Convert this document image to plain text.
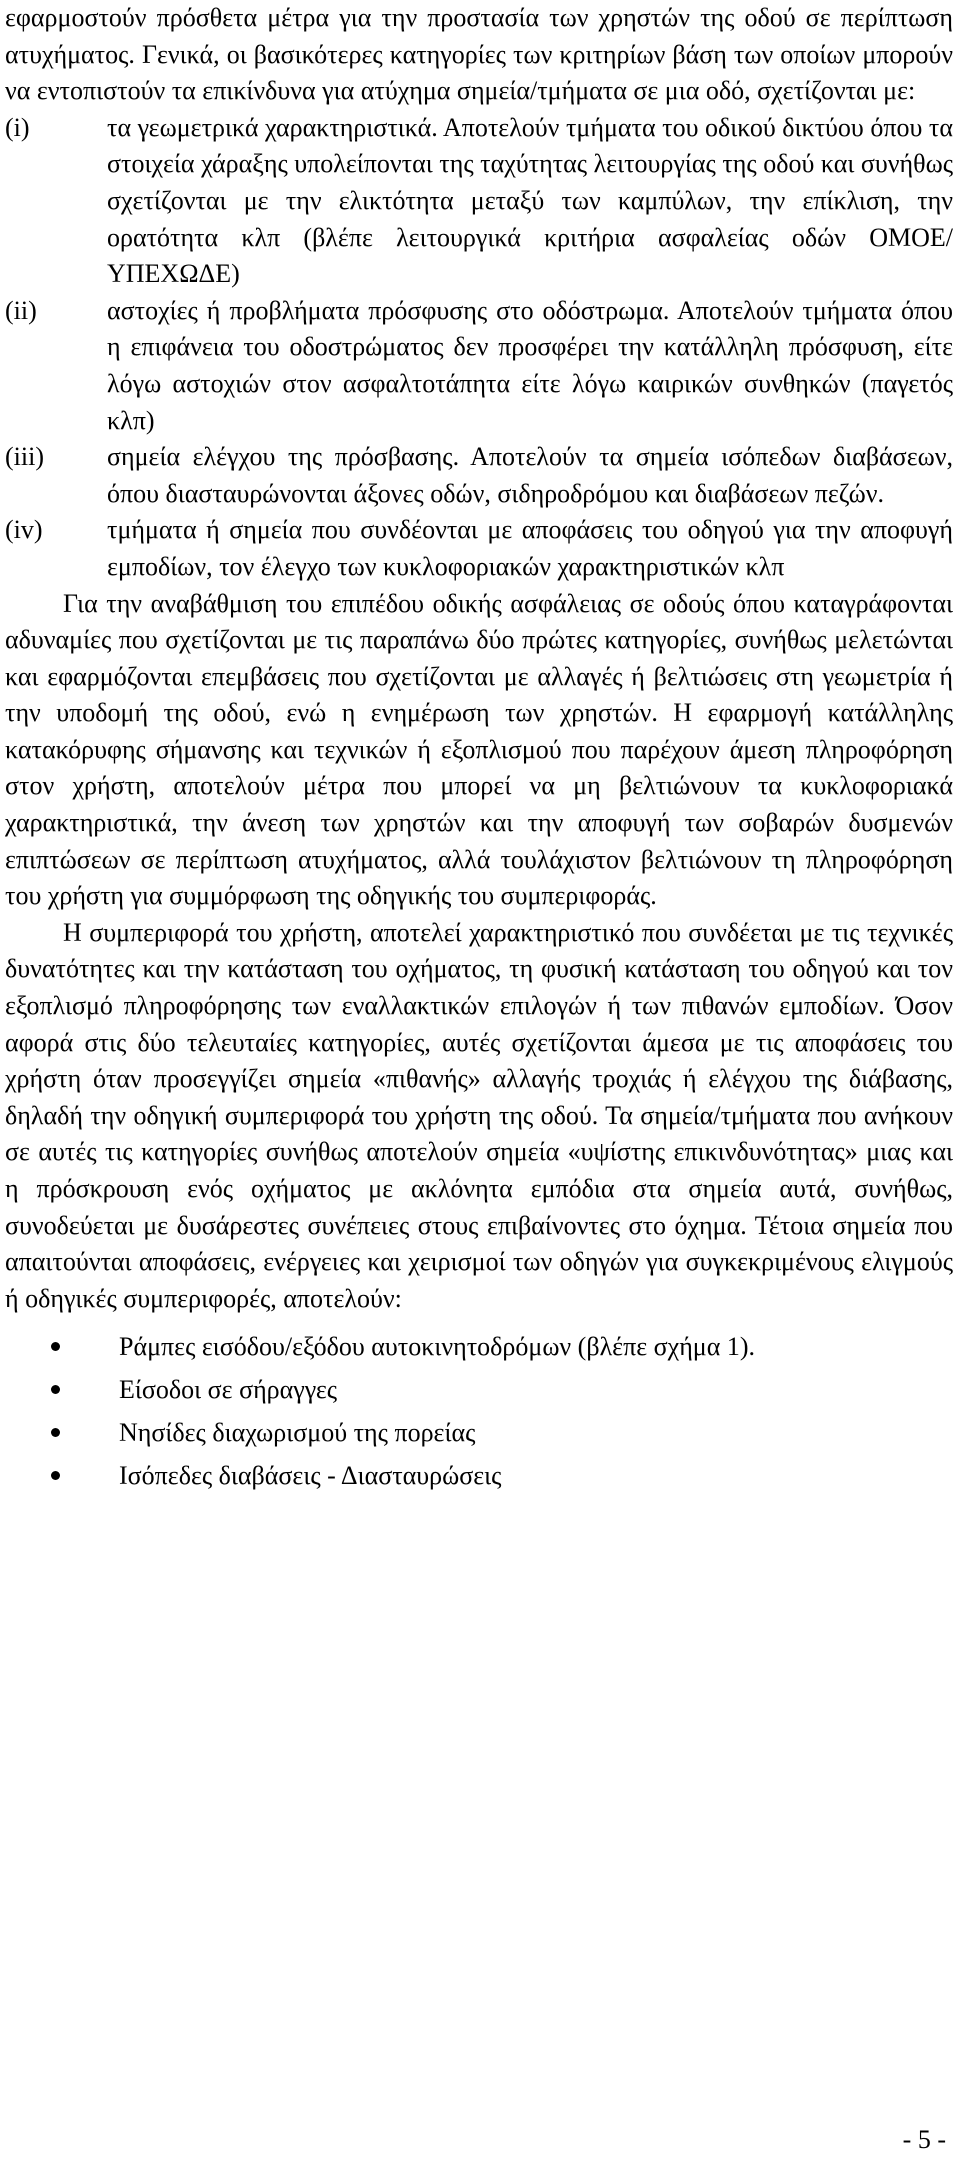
εφαρμοστούν πρόσθετα μέτρα για την προστασία των χρηστών της οδού σε περίπτωση ατυχήματος. Γενικά, οι βασικότερες κατηγορίες των κριτηρίων βάση των οποίων μπορούν να εντοπιστούν τα επικίνδυνα για ατύχημα σημεία/τμήματα σε μια οδό, σχετίζονται με:

(i)	τα γεωμετρικά χαρακτηριστικά. Αποτελούν τμήματα του οδικού δικτύου όπου τα στοιχεία χάραξης υπολείπονται της ταχύτητας λειτουργίας της οδού και συνήθως σχετίζονται με την ελικτότητα μεταξύ των καμπύλων, την επίκλιση, την ορατότητα κλπ (βλέπε λειτουργικά κριτήρια ασφαλείας οδών ΟΜΟΕ/ΥΠΕΧΩΔΕ)
(ii)	αστοχίες ή προβλήματα πρόσφυσης στο οδόστρωμα. Αποτελούν τμήματα όπου η επιφάνεια του οδοστρώματος δεν προσφέρει την κατάλληλη πρόσφυση, είτε λόγω αστοχιών στον ασφαλτοτάπητα είτε λόγω καιρικών συνθηκών (παγετός κλπ)
(iii) σημεία ελέγχου της πρόσβασης. Αποτελούν τα σημεία ισόπεδων διαβάσεων, όπου διασταυρώνονται άξονες οδών, σιδηροδρόμου και διαβάσεων πεζών.
(iv) τμήματα ή σημεία που συνδέονται με αποφάσεις του οδηγού για την αποφυγή εμποδίων, τον έλεγχο των κυκλοφοριακών χαρακτηριστικών κλπ

Για την αναβάθμιση του επιπέδου οδικής ασφάλειας σε οδούς όπου καταγράφονται αδυναμίες που σχετίζονται με τις παραπάνω δύο πρώτες κατηγορίες, συνήθως μελετώνται και εφαρμόζονται επεμβάσεις που σχετίζονται με αλλαγές ή βελτιώσεις στη γεωμετρία ή την υποδομή της οδού, ενώ η ενημέρωση των χρηστών. Η εφαρμογή κατάλληλης κατακόρυφης σήμανσης και τεχνικών ή εξοπλισμού που παρέχουν άμεση πληροφόρηση στον χρήστη, αποτελούν μέτρα που μπορεί να μη βελτιώνουν τα κυκλοφοριακά χαρακτηριστικά, την άνεση των χρηστών και την αποφυγή των σοβαρών δυσμενών επιπτώσεων σε περίπτωση ατυχήματος, αλλά τουλάχιστον βελτιώνουν τη πληροφόρηση του χρήστη για συμμόρφωση της οδηγικής του συμπεριφοράς.

Η συμπεριφορά του χρήστη, αποτελεί χαρακτηριστικό που συνδέεται με τις τεχνικές δυνατότητες και την κατάσταση του οχήματος, τη φυσική κατάσταση του οδηγού και τον εξοπλισμό πληροφόρησης των εναλλακτικών επιλογών ή των πιθανών εμποδίων. Όσον αφορά στις δύο τελευταίες κατηγορίες, αυτές σχετίζονται άμεσα με τις αποφάσεις του χρήστη όταν προσεγγίζει σημεία «πιθανής» αλλαγής τροχιάς ή ελέγχου της διάβασης, δηλαδή την οδηγική συμπεριφορά του χρήστη της οδού. Τα σημεία/τμήματα που ανήκουν σε αυτές τις κατηγορίες συνήθως αποτελούν σημεία «υψίστης επικινδυνότητας» μιας και η πρόσκρουση ενός οχήματος με ακλόνητα εμπόδια στα σημεία αυτά, συνήθως, συνοδεύεται με δυσάρεστες συνέπειες στους επιβαίνοντες στο όχημα. Τέτοια σημεία που απαιτούνται αποφάσεις, ενέργειες και χειρισμοί των οδηγών για συγκεκριμένους ελιγμούς ή οδηγικές συμπεριφορές, αποτελούν:

Ράμπες εισόδου/εξόδου αυτοκινητοδρόμων (βλέπε σχήμα 1).
Είσοδοι σε σήραγγες
Νησίδες διαχωρισμού της πορείας
Ισόπεδες διαβάσεις - Διασταυρώσεις
- 5 -
